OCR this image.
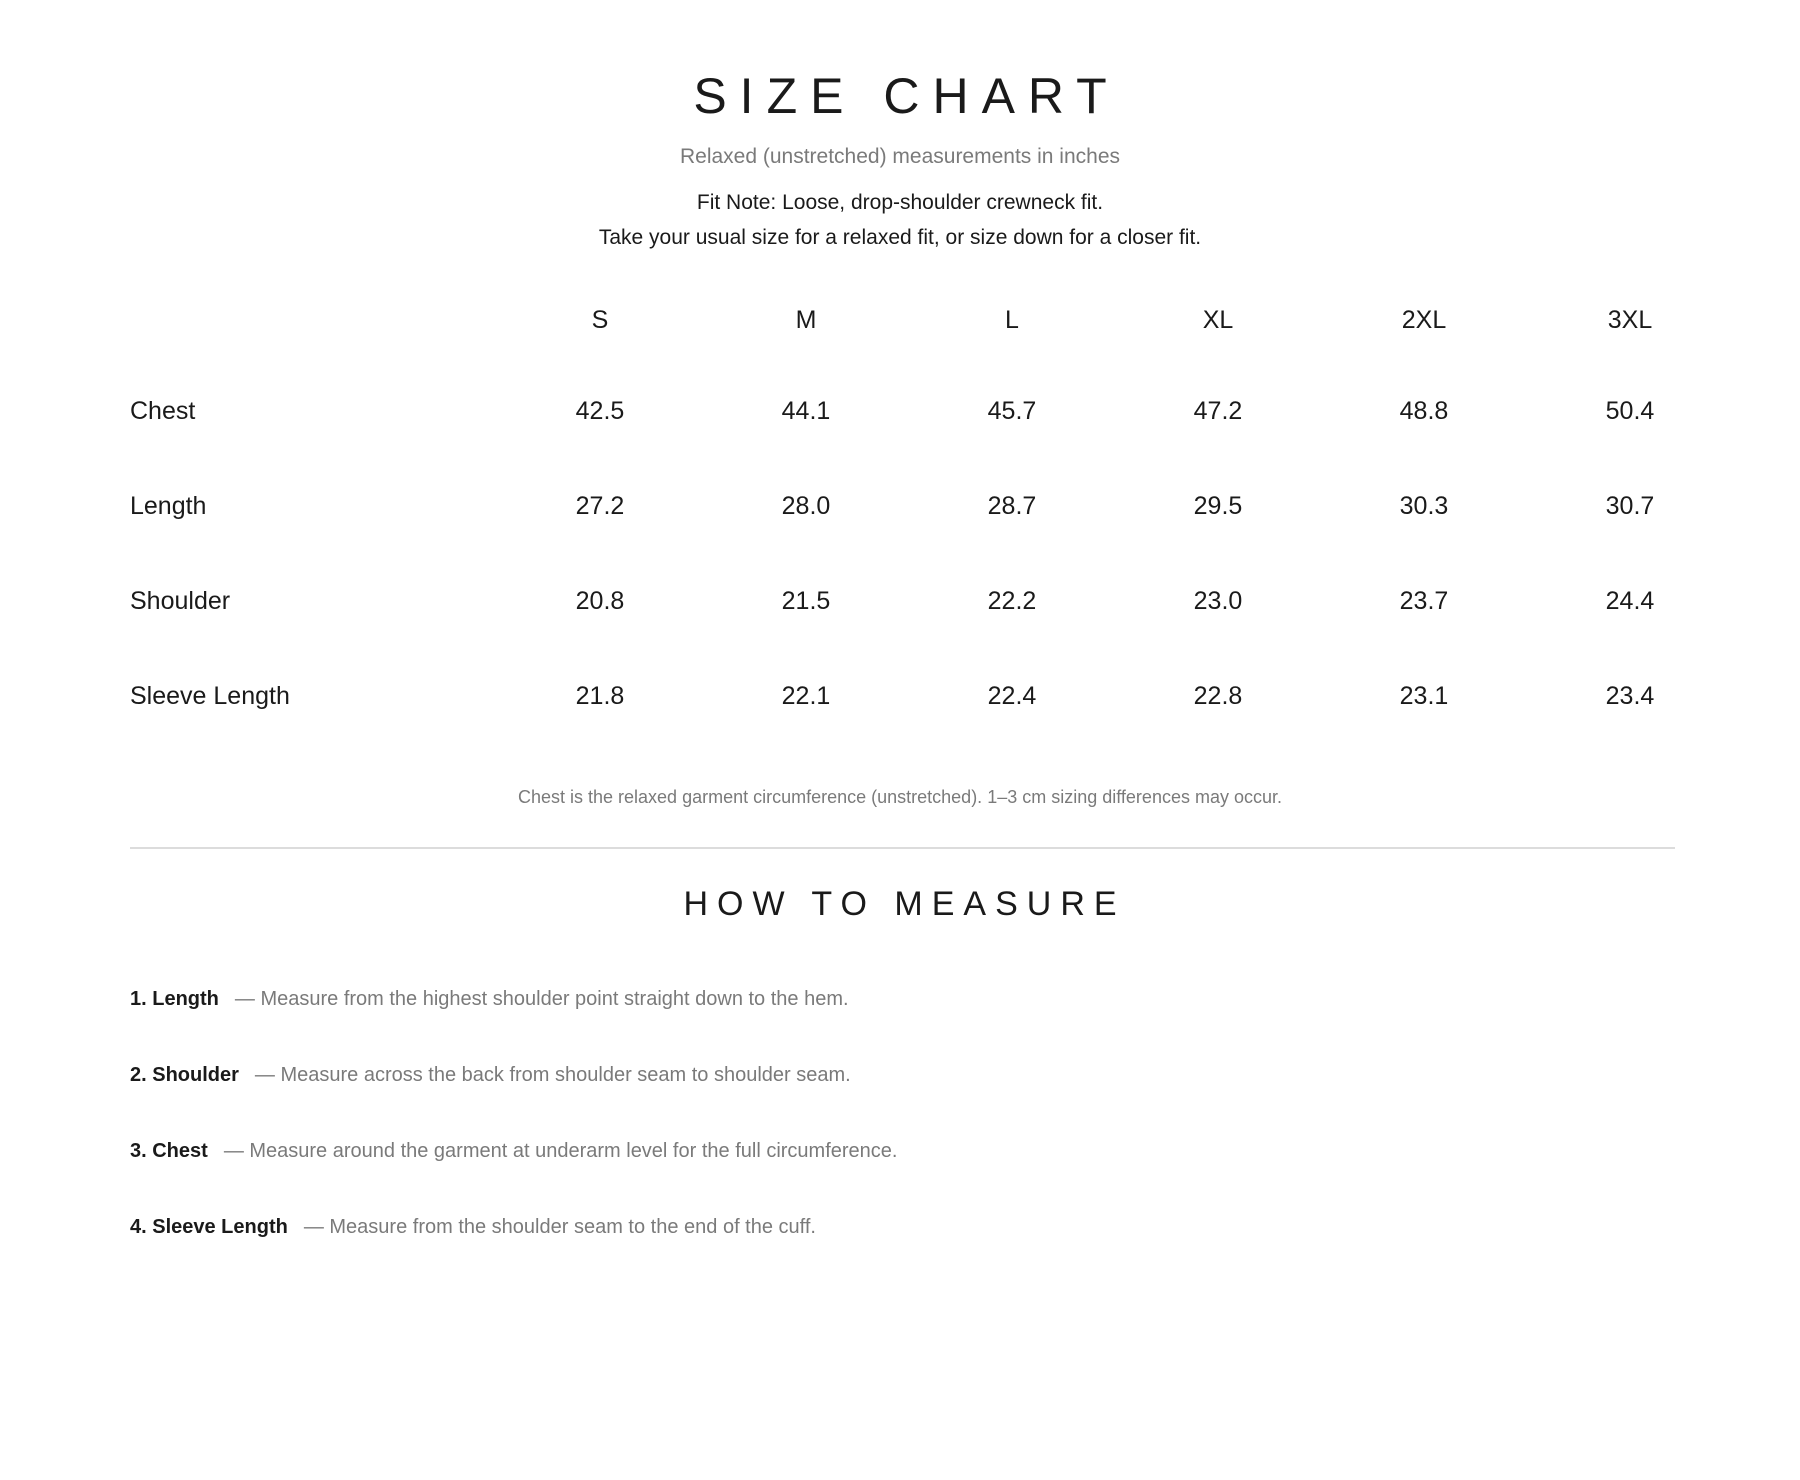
SIZE CHART
Relaxed (unstretched) measurements in inches
Fit Note: Loose, drop-shoulder crewneck fit.
Take your usual size for a relaxed fit, or size down for a closer fit.
S	M	L	XL	2XL	3XL
Chest	42.5	44.1	45.7	47.2	48.8	50.4
Length	27.2	28.0	28.7	29.5	30.3	30.7
Shoulder	20.8	21.5	22.2	23.0	23.7	24.4
Sleeve Length	21.8	22.1	22.4	22.8	23.1	23.4
Chest is the relaxed garment circumference (unstretched). 1–3 cm sizing differences may occur.
HOW TO MEASURE
1. Length — Measure from the highest shoulder point straight down to the hem.
2. Shoulder — Measure across the back from shoulder seam to shoulder seam.
3. Chest — Measure around the garment at underarm level for the full circumference.
4. Sleeve Length — Measure from the shoulder seam to the end of the cuff.
